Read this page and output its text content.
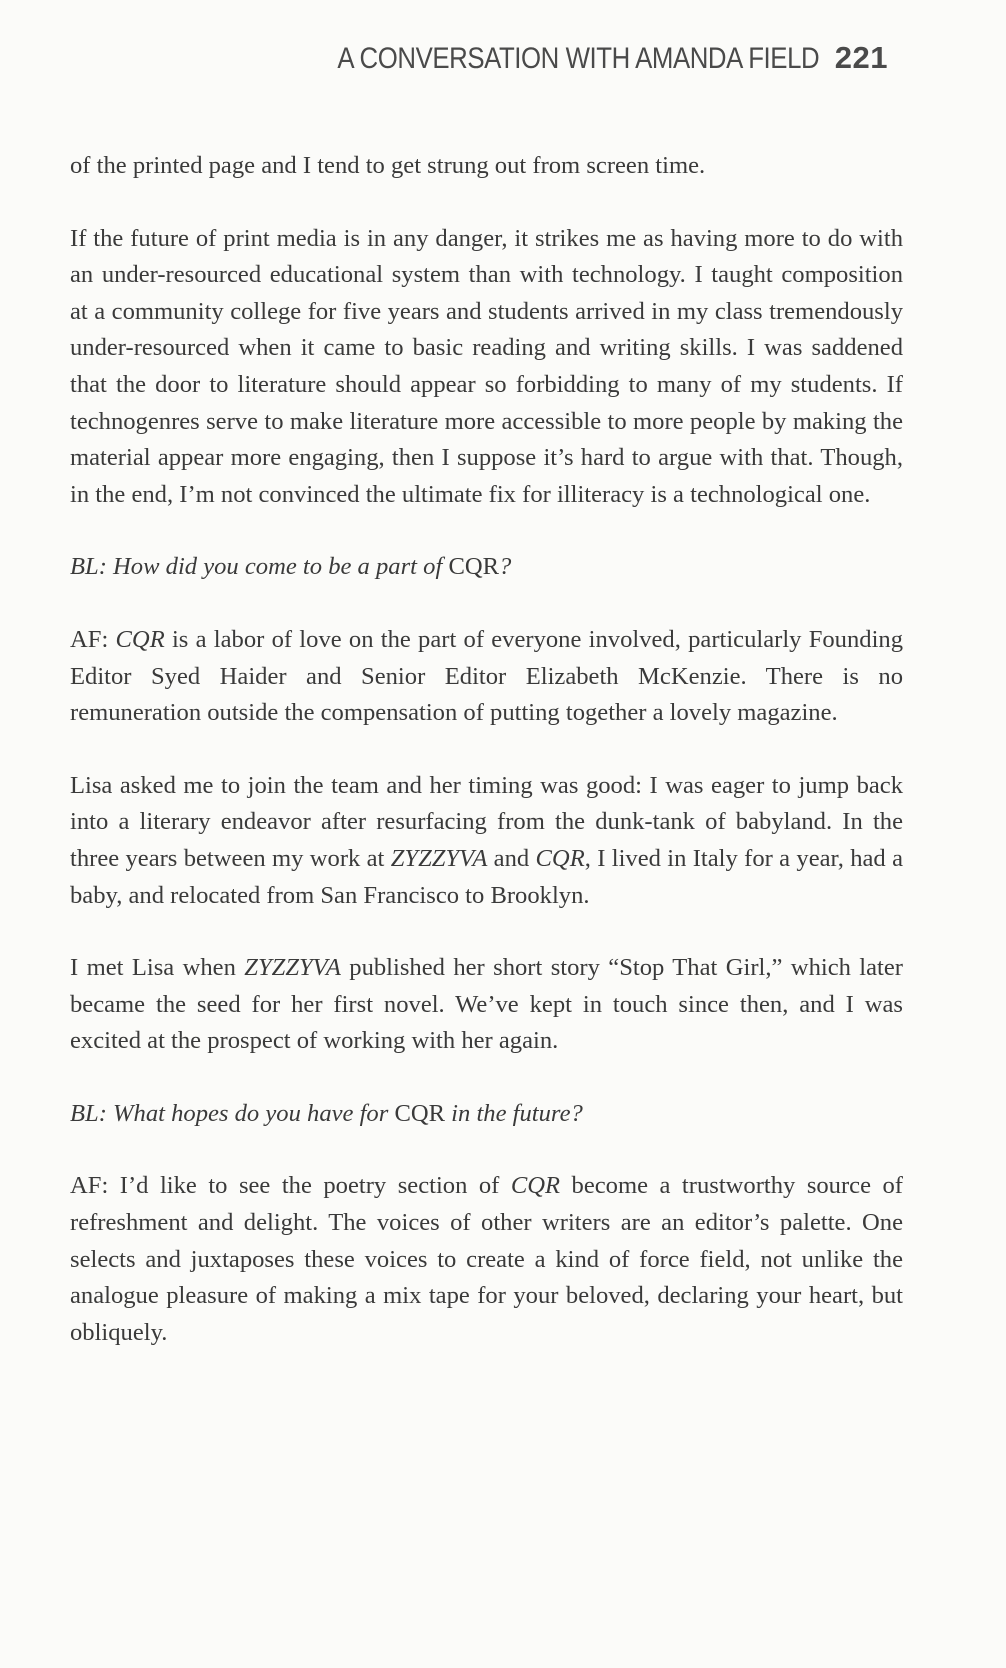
A CONVERSATION WITH AMANDA FIELD 221

of the printed page and I tend to get strung out from screen time.

If the future of print media is in any danger, it strikes me as having more to do with an under-resourced educational system than with technology. I taught composition at a community college for five years and students arrived in my class tremendously under-resourced when it came to basic reading and writing skills. I was saddened that the door to literature should appear so forbidding to many of my students. If technogenres serve to make literature more accessible to more people by making the material appear more engaging, then I suppose it’s hard to argue with that. Though, in the end, I’m not convinced the ultimate fix for illiteracy is a technological one.

BL: How did you come to be a part of CQR?

AF: CQR is a labor of love on the part of everyone involved, particularly Founding Editor Syed Haider and Senior Editor Elizabeth McKenzie. There is no remuneration outside the compensation of putting together a lovely magazine.

Lisa asked me to join the team and her timing was good: I was eager to jump back into a literary endeavor after resurfacing from the dunk-tank of babyland. In the three years between my work at ZYZZYVA and CQR, I lived in Italy for a year, had a baby, and relocated from San Francisco to Brooklyn.

I met Lisa when ZYZZYVA published her short story “Stop That Girl,” which later became the seed for her first novel. We’ve kept in touch since then, and I was excited at the prospect of working with her again.

BL: What hopes do you have for CQR in the future?

AF: I’d like to see the poetry section of CQR become a trustworthy source of refreshment and delight. The voices of other writers are an editor’s palette. One selects and juxtaposes these voices to create a kind of force field, not unlike the analogue pleasure of making a mix tape for your beloved, declaring your heart, but obliquely.
